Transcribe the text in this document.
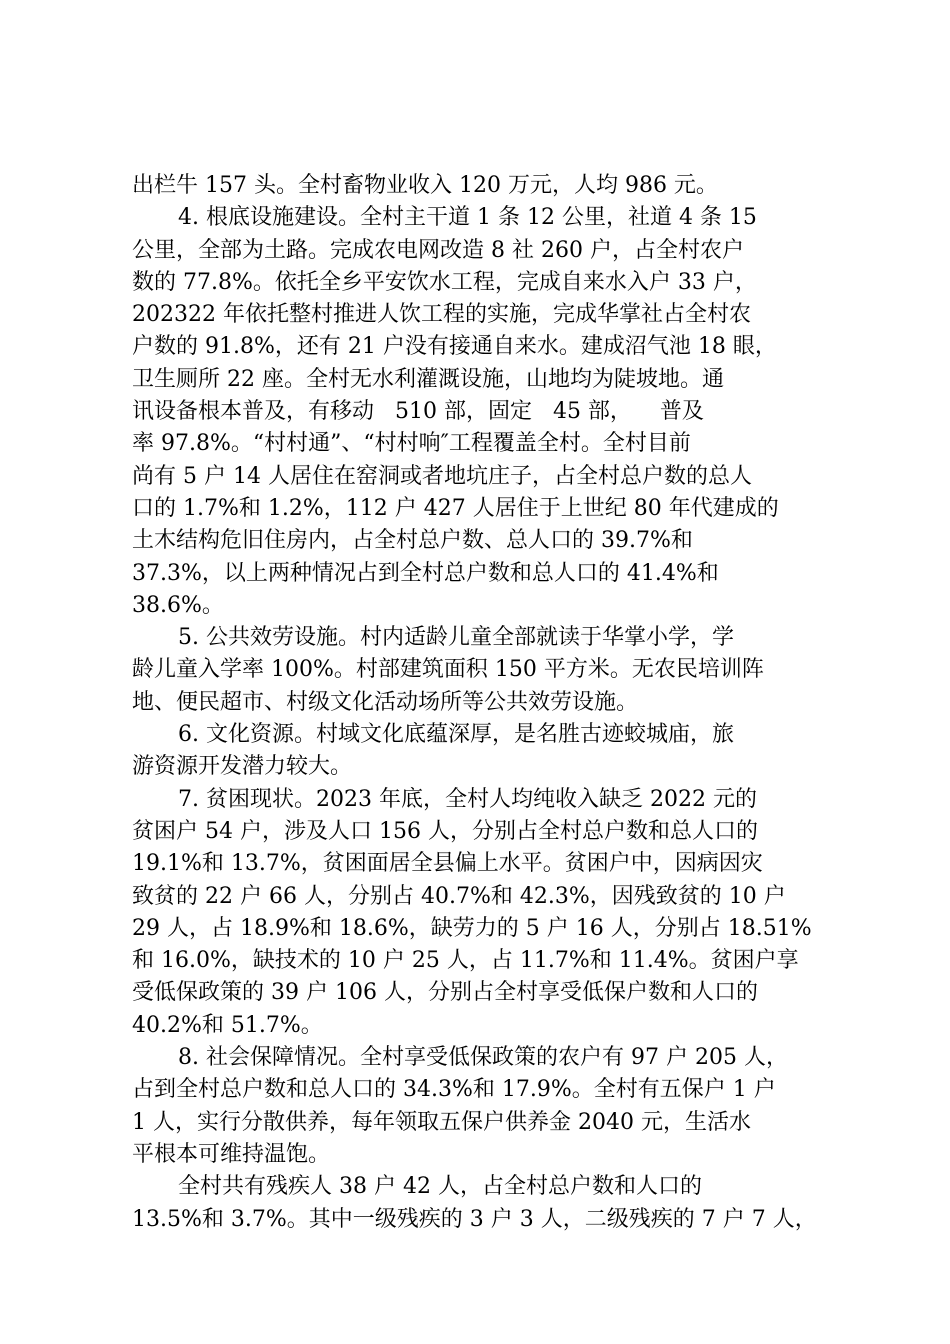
出栏牛 157 头。全村畜物业收入 120 万元，人均 986 元。
4. 根底设施建设。全村主干道 1 条 12 公里，社道 4 条 15
公里，全部为土路。完成农电网改造 8 社 260 户，占全村农户
数的 77.8%。依托全乡平安饮水工程，完成自来水入户 33 户，
202322 年依托整村推进人饮工程的实施，完成华掌社占全村农
户数的 91.8%，还有 21 户没有接通自来水。建成沼气池 18 眼，
卫生厕所 22 座。全村无水利灌溉设施，山地均为陡坡地。通
讯设备根本普及，有移动   510 部，固定   45 部，    普及
率 97.8%。“村村通”、“村村响″工程覆盖全村。全村目前
尚有 5 户 14 人居住在窑洞或者地坑庄子，占全村总户数的总人
口的 1.7%和 1.2%，112 户 427 人居住于上世纪 80 年代建成的
土木结构危旧住房内，占全村总户数、总人口的 39.7%和
37.3%，以上两种情况占到全村总户数和总人口的 41.4%和
38.6%。
5. 公共效劳设施。村内适龄儿童全部就读于华掌小学，学
龄儿童入学率 100%。村部建筑面积 150 平方米。无农民培训阵
地、便民超市、村级文化活动场所等公共效劳设施。
6. 文化资源。村域文化底蕴深厚，是名胜古迹蛟城庙，旅
游资源开发潜力较大。
7. 贫困现状。2023 年底，全村人均纯收入缺乏 2022 元的
贫困户 54 户，涉及人口 156 人，分别占全村总户数和总人口的
19.1%和 13.7%，贫困面居全县偏上水平。贫困户中，因病因灾
致贫的 22 户 66 人，分别占 40.7%和 42.3%，因残致贫的 10 户
29 人，占 18.9%和 18.6%，缺劳力的 5 户 16 人，分别占 18.51%
和 16.0%，缺技术的 10 户 25 人，占 11.7%和 11.4%。贫困户享
受低保政策的 39 户 106 人，分别占全村享受低保户数和人口的
40.2%和 51.7%。
8. 社会保障情况。全村享受低保政策的农户有 97 户 205 人，
占到全村总户数和总人口的 34.3%和 17.9%。全村有五保户 1 户
1 人，实行分散供养，每年领取五保户供养金 2040 元，生活水
平根本可维持温饱。
全村共有残疾人 38 户 42 人，占全村总户数和人口的
13.5%和 3.7%。其中一级残疾的 3 户 3 人，二级残疾的 7 户 7 人，
